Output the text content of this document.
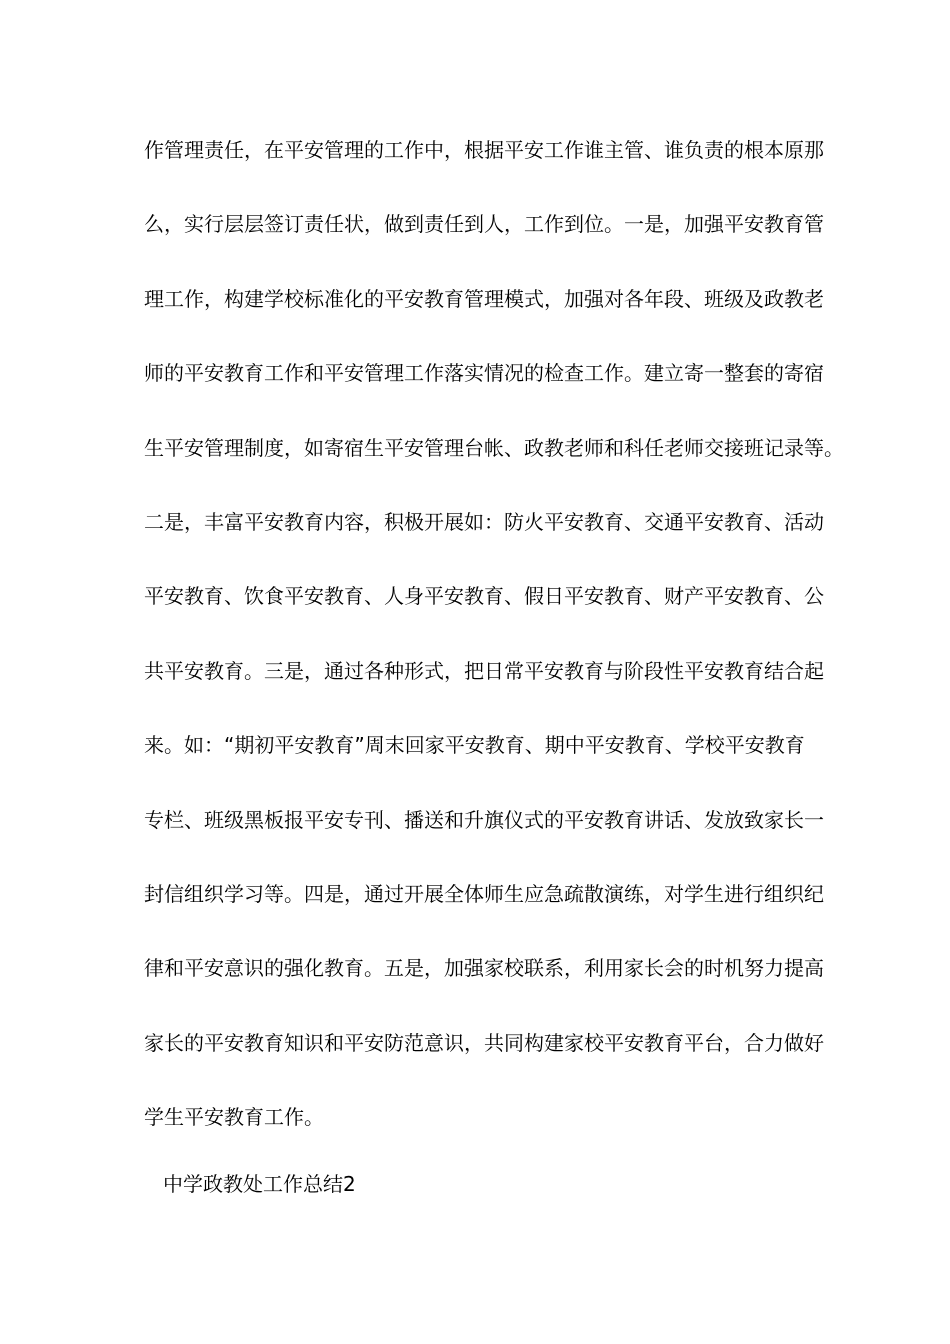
作管理责任，在平安管理的工作中，根据平安工作谁主管、谁负责的根本原那
么，实行层层签订责任状，做到责任到人，工作到位。一是，加强平安教育管
理工作，构建学校标准化的平安教育管理模式，加强对各年段、班级及政教老
师的平安教育工作和平安管理工作落实情况的检查工作。建立寄一整套的寄宿
生平安管理制度，如寄宿生平安管理台帐、政教老师和科任老师交接班记录等。
二是，丰富平安教育内容，积极开展如：防火平安教育、交通平安教育、活动
平安教育、饮食平安教育、人身平安教育、假日平安教育、财产平安教育、公
共平安教育。三是，通过各种形式，把日常平安教育与阶段性平安教育结合起
来。如：“期初平安教育”周末回家平安教育、期中平安教育、学校平安教育
专栏、班级黑板报平安专刊、播送和升旗仪式的平安教育讲话、发放致家长一
封信组织学习等。四是，通过开展全体师生应急疏散演练，对学生进行组织纪
律和平安意识的强化教育。五是，加强家校联系，利用家长会的时机努力提高
家长的平安教育知识和平安防范意识，共同构建家校平安教育平台，合力做好
学生平安教育工作。
中学政教处工作总结2
